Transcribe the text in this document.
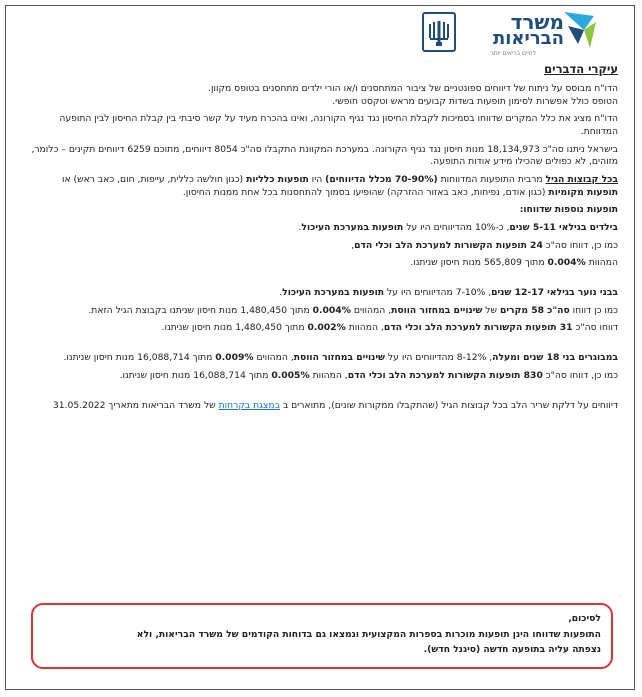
משרד
הבריאות
לחיים בריאים יותר
עיקרי הדברים

הדו"ח מבוסס על ניתוח של דיווחים ספונטניים של ציבור המתחסנים ו/או הורי ילדים מתחסנים בטופס מקוון.
הטופס כולל אפשרות לסימון תופעות בשדות קבועים מראש וטקסט חופשי.

הדו"ח מציג את כלל המקרים שדווחו בסמיכות לקבלת החיסון נגד נגיף הקורונה, ואינו בהכרח מעיד על קשר סיבתי בין קבלת החיסון לבין התופעה המדווחת.

בישראל ניתנו סה"כ 18,134,973 מנות חיסון נגד נגיף הקורונה. במערכת המקוונת התקבלו סה"כ 8054 דיווחים, מתוכם 6259 דיווחים תקינים – כלומר, מזוהים, לא כפולים שהכילו מידע אודות התופעה.

בכל קבוצות הגיל מרבית התופעות המדווחות (70-90% מכלל הדיווחים) היו תופעות כלליות (כגון חולשה כללית, עייפות, חום, כאב ראש) או תופעות מקומיות (כגון אודם, נפיחות, כאב באזור ההזרקה) שהופיעו בסמוך להתחסנות בכל אחת ממנות החיסון.

תופעות נוספות שדווחו:

בילדים בגילאי 5-11 שנים, כ-10% מהדיווחים היו על תופעות במערכת העיכול.

כמו כן, דווחו סה"כ 24 תופעות הקשורות למערכת הלב וכלי הדם,

המהוות 0.004% מתוך 565,809 מנות חיסון שניתנו.

בבני נוער בגילאי 12-17 שנים, 7-10% מהדיווחים היו על תופעות במערכת העיכול.

כמו כן דווחו סה"כ 58 מקרים של שינויים במחזור הווסת, המהווים 0.004% מתוך 1,480,450 מנות חיסון שניתנו בקבוצת הגיל הזאת.

דווחו סה"כ 31 תופעות הקשורות למערכת הלב וכלי הדם, המהוות 0.002% מתוך 1,480,450 מנות חיסון שניתנו.

במבוגרים בני 18 שנים ומעלה, 8-12% מהדיווחים היו על שינויים במחזור הווסת, המהווים 0.009% מתוך 16,088,714 מנות חיסון שניתנו.

כמו כן, דווחו סה"כ 830 תופעות הקשורות למערכת הלב וכלי הדם, המהוות 0.005% מתוך 16,088,714 מנות חיסון שניתנו.

דיווחים על דלקת שריר הלב בכל קבוצות הגיל (שהתקבלו ממקורות שונים), מתוארים ב במצגת בקרחות של משרד הבריאות מתאריך 31.05.2022

לסיכום,
התופעות שדווחו הינן תופעות מוכרות בספרות המקצועית ונמצאו גם בדוחות הקודמים של משרד הבריאות, ולא
נצפתה עליה בתופעה חדשה (סיגנל חדש).
